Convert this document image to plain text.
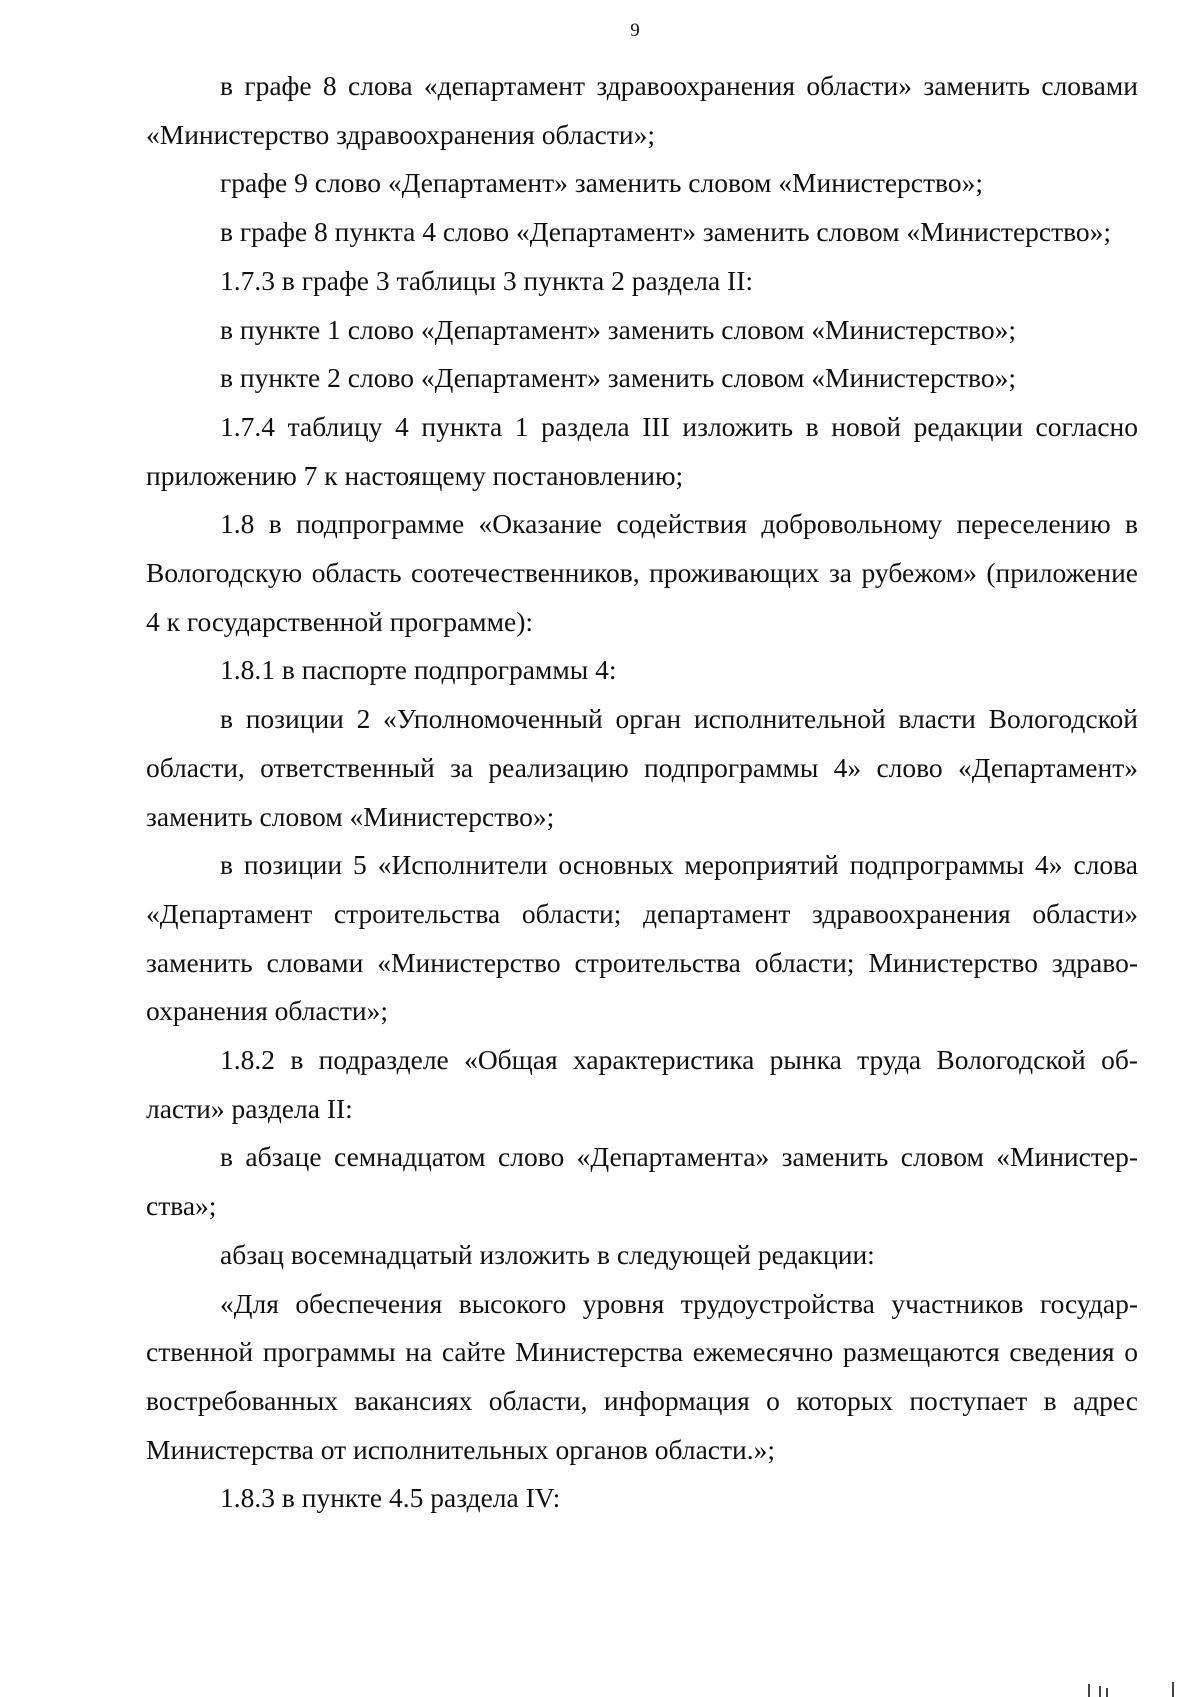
9

в графе 8 слова «департамент здравоохранения области» заменить словами «Министерство здравоохранения области»;

графе 9 слово «Департамент» заменить словом «Министерство»;

в графе 8 пункта 4 слово «Департамент» заменить словом «Министерство»;

1.7.3 в графе 3 таблицы 3 пункта 2 раздела II:

в пункте 1 слово «Департамент» заменить словом «Министерство»;

в пункте 2 слово «Департамент» заменить словом «Министерство»;

1.7.4 таблицу 4 пункта 1 раздела III изложить в новой редакции согласно приложению 7 к настоящему постановлению;

1.8 в подпрограмме «Оказание содействия добровольному переселению в Вологодскую область соотечественников, проживающих за рубежом» (приложение 4 к государственной программе):

1.8.1 в паспорте подпрограммы 4:

в позиции 2 «Уполномоченный орган исполнительной власти Вологодской области, ответственный за реализацию подпрограммы 4» слово «Департамент» заменить словом «Министерство»;

в позиции 5 «Исполнители основных мероприятий подпрограммы 4» слова «Департамент строительства области; департамент здравоохранения области» заменить словами «Министерство строительства области; Министерство здравоохранения области»;

1.8.2 в подразделе «Общая характеристика рынка труда Вологодской области» раздела II:

в абзаце семнадцатом слово «Департамента» заменить словом «Министерства»;

абзац восемнадцатый изложить в следующей редакции:

«Для обеспечения высокого уровня трудоустройства участников государственной программы на сайте Министерства ежемесячно размещаются сведения о востребованных вакансиях области, информация о которых поступает в адрес Министерства от исполнительных органов области.»;

1.8.3 в пункте 4.5 раздела IV:
